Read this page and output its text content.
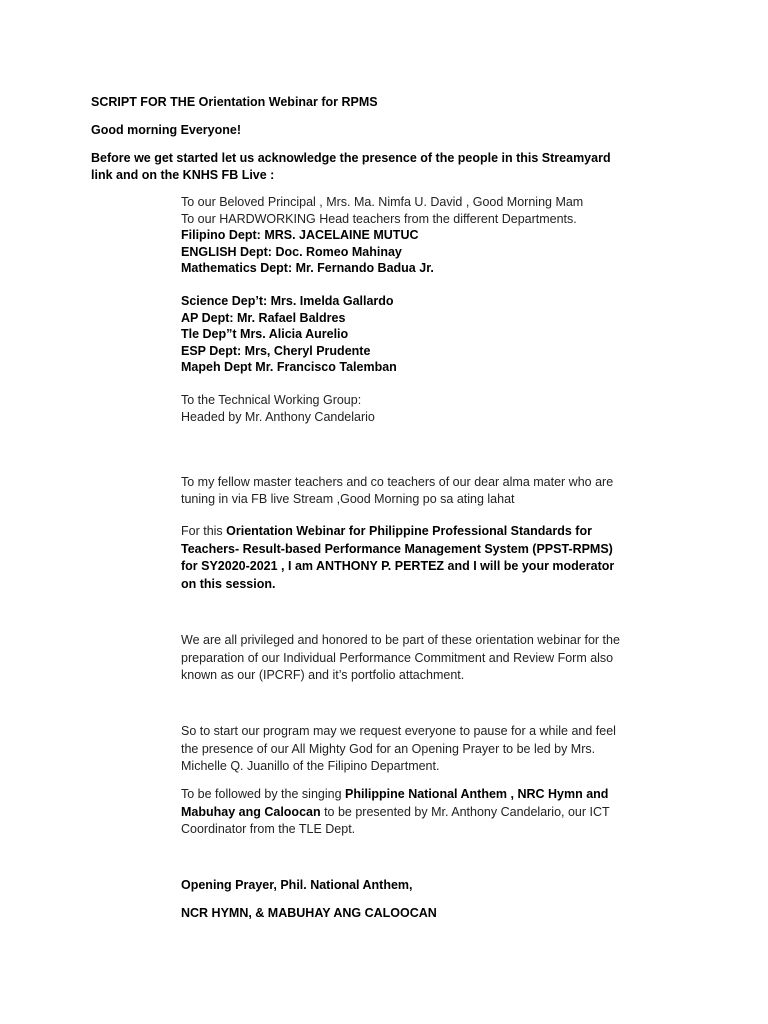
SCRIPT FOR THE Orientation Webinar for RPMS

Good morning Everyone!

Before we get started let us acknowledge the presence of the people in this Streamyard
link and on the KNHS FB Live :

To our Beloved Principal , Mrs. Ma. Nimfa U. David , Good Morning Mam
To our HARDWORKING Head teachers from the different Departments.
Filipino Dept: MRS. JACELAINE MUTUC
ENGLISH Dept: Doc. Romeo Mahinay
Mathematics Dept: Mr. Fernando Badua Jr.

Science Dep’t: Mrs. Imelda Gallardo
AP Dept: Mr. Rafael Baldres
Tle Dep”t Mrs. Alicia Aurelio
ESP Dept: Mrs, Cheryl Prudente
Mapeh Dept Mr. Francisco Talemban

To the Technical Working Group:
Headed by Mr. Anthony Candelario

To my fellow master teachers and co teachers of our dear alma mater who are
tuning in via FB live Stream ,Good Morning po sa ating lahat

For this Orientation Webinar for Philippine Professional Standards for
Teachers- Result-based Performance Management System (PPST-RPMS)
for SY2020-2021 , I am ANTHONY P. PERTEZ and I will be your moderator
on this session.

We are all privileged and honored to be part of these orientation webinar for the
preparation of our Individual Performance Commitment and Review Form also
known as our (IPCRF) and it’s portfolio attachment.

So to start our program may we request everyone to pause for a while and feel
the presence of our All Mighty God for an Opening Prayer to be led by Mrs.
Michelle Q. Juanillo of the Filipino Department.

To be followed by the singing Philippine National Anthem , NRC Hymn and
Mabuhay ang Caloocan to be presented by Mr. Anthony Candelario, our ICT
Coordinator from the TLE Dept.

Opening Prayer, Phil. National Anthem,

NCR HYMN, & MABUHAY ANG CALOOCAN
